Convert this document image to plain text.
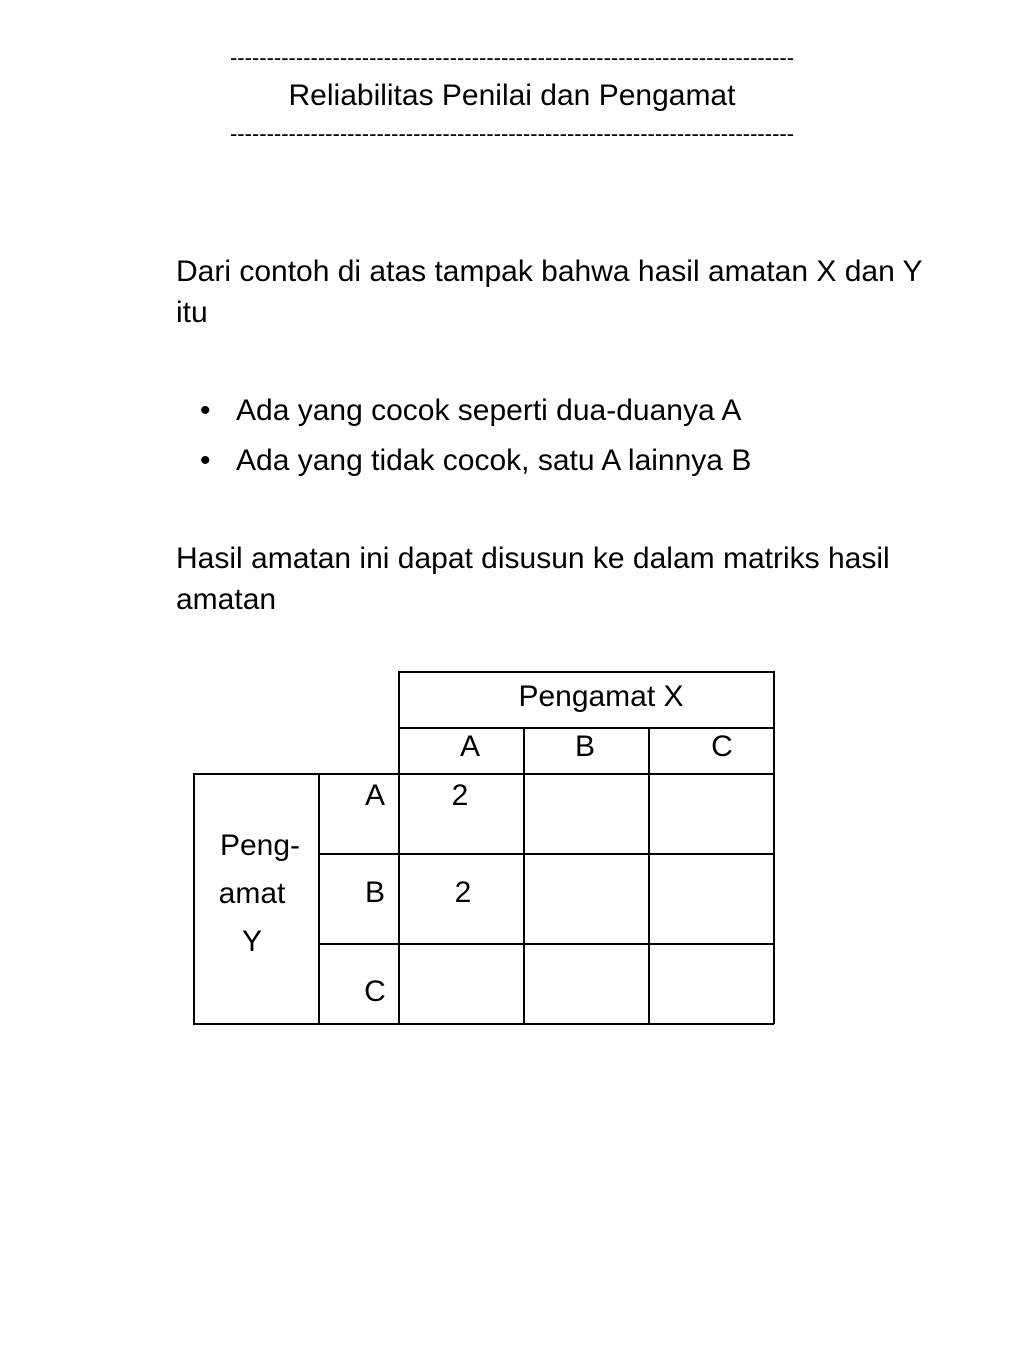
-----------------------------------------------------------------------------
Reliabilitas Penilai dan Pengamat
-----------------------------------------------------------------------------
Dari contoh di atas tampak bahwa hasil amatan X dan Y itu
• Ada yang cocok seperti dua-duanya A
• Ada yang tidak cocok, satu A lainnya B
Hasil amatan ini dapat disusun ke dalam matriks hasil amatan
Pengamat X
A	B	C
Peng-
amat
Y
A
B
C
2
2
